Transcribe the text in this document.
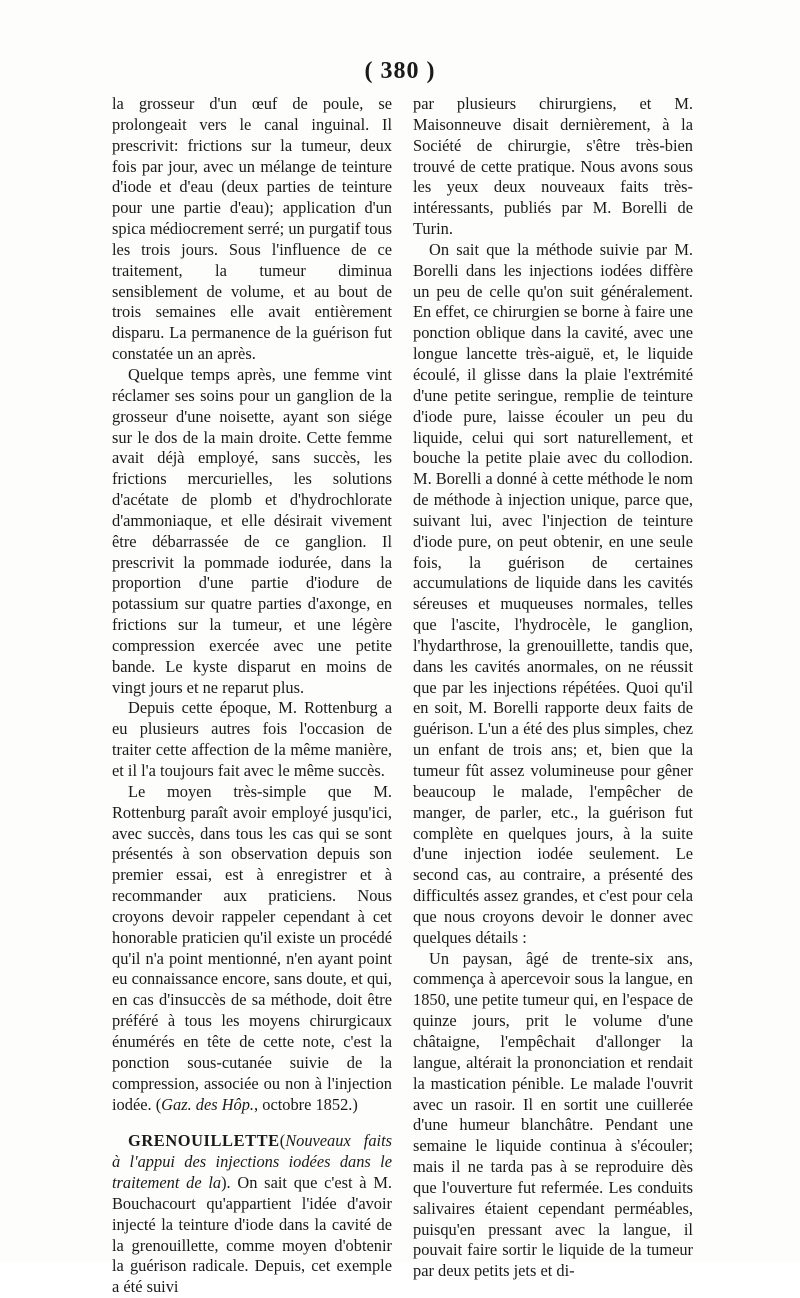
( 380 )

la grosseur d'un œuf de poule, se prolongeait vers le canal inguinal. Il prescrivit: frictions sur la tumeur, deux fois par jour, avec un mélange de teinture d'iode et d'eau (deux parties de teinture pour une partie d'eau); application d'un spica médiocrement serré; un purgatif tous les trois jours. Sous l'influence de ce traitement, la tumeur diminua sensiblement de volume, et au bout de trois semaines elle avait entièrement disparu. La permanence de la guérison fut constatée un an après.

Quelque temps après, une femme vint réclamer ses soins pour un ganglion de la grosseur d'une noisette, ayant son siége sur le dos de la main droite. Cette femme avait déjà employé, sans succès, les frictions mercurielles, les solutions d'acétate de plomb et d'hydrochlorate d'ammoniaque, et elle désirait vivement être débarrassée de ce ganglion. Il prescrivit la pommade iodurée, dans la proportion d'une partie d'iodure de potassium sur quatre parties d'axonge, en frictions sur la tumeur, et une légère compression exercée avec une petite bande. Le kyste disparut en moins de vingt jours et ne reparut plus.

Depuis cette époque, M. Rottenburg a eu plusieurs autres fois l'occasion de traiter cette affection de la même manière, et il l'a toujours fait avec le même succès.

Le moyen très-simple que M. Rottenburg paraît avoir employé jusqu'ici, avec succès, dans tous les cas qui se sont présentés à son observation depuis son premier essai, est à enregistrer et à recommander aux praticiens. Nous croyons devoir rappeler cependant à cet honorable praticien qu'il existe un procédé qu'il n'a point mentionné, n'en ayant point eu connaissance encore, sans doute, et qui, en cas d'insuccès de sa méthode, doit être préféré à tous les moyens chirurgicaux énumérés en tête de cette note, c'est la ponction sous-cutanée suivie de la compression, associée ou non à l'injection iodée. (Gaz. des Hôp., octobre 1852.)

GRENOUILLETTE(Nouveaux faits à l'appui des injections iodées dans le traitement de la). On sait que c'est à M. Bouchacourt qu'appartient l'idée d'avoir injecté la teinture d'iode dans la cavité de la grenouillette, comme moyen d'obtenir la guérison radicale. Depuis, cet exemple a été suivi

par plusieurs chirurgiens, et M. Maisonneuve disait dernièrement, à la Société de chirurgie, s'être très-bien trouvé de cette pratique. Nous avons sous les yeux deux nouveaux faits très-intéressants, publiés par M. Borelli de Turin.

On sait que la méthode suivie par M. Borelli dans les injections iodées diffère un peu de celle qu'on suit généralement. En effet, ce chirurgien se borne à faire une ponction oblique dans la cavité, avec une longue lancette très-aiguë, et, le liquide écoulé, il glisse dans la plaie l'extrémité d'une petite seringue, remplie de teinture d'iode pure, laisse écouler un peu du liquide, celui qui sort naturellement, et bouche la petite plaie avec du collodion. M. Borelli a donné à cette méthode le nom de méthode à injection unique, parce que, suivant lui, avec l'injection de teinture d'iode pure, on peut obtenir, en une seule fois, la guérison de certaines accumulations de liquide dans les cavités séreuses et muqueuses normales, telles que l'ascite, l'hydrocèle, le ganglion, l'hydarthrose, la grenouillette, tandis que, dans les cavités anormales, on ne réussit que par les injections répétées. Quoi qu'il en soit, M. Borelli rapporte deux faits de guérison. L'un a été des plus simples, chez un enfant de trois ans; et, bien que la tumeur fût assez volumineuse pour gêner beaucoup le malade, l'empêcher de manger, de parler, etc., la guérison fut complète en quelques jours, à la suite d'une injection iodée seulement. Le second cas, au contraire, a présenté des difficultés assez grandes, et c'est pour cela que nous croyons devoir le donner avec quelques détails :

Un paysan, âgé de trente-six ans, commença à apercevoir sous la langue, en 1850, une petite tumeur qui, en l'espace de quinze jours, prit le volume d'une châtaigne, l'empêchait d'allonger la langue, altérait la prononciation et rendait la mastication pénible. Le malade l'ouvrit avec un rasoir. Il en sortit une cuillerée d'une humeur blanchâtre. Pendant une semaine le liquide continua à s'écouler; mais il ne tarda pas à se reproduire dès que l'ouverture fut refermée. Les conduits salivaires étaient cependant perméables, puisqu'en pressant avec la langue, il pouvait faire sortir le liquide de la tumeur par deux petits jets et di-
